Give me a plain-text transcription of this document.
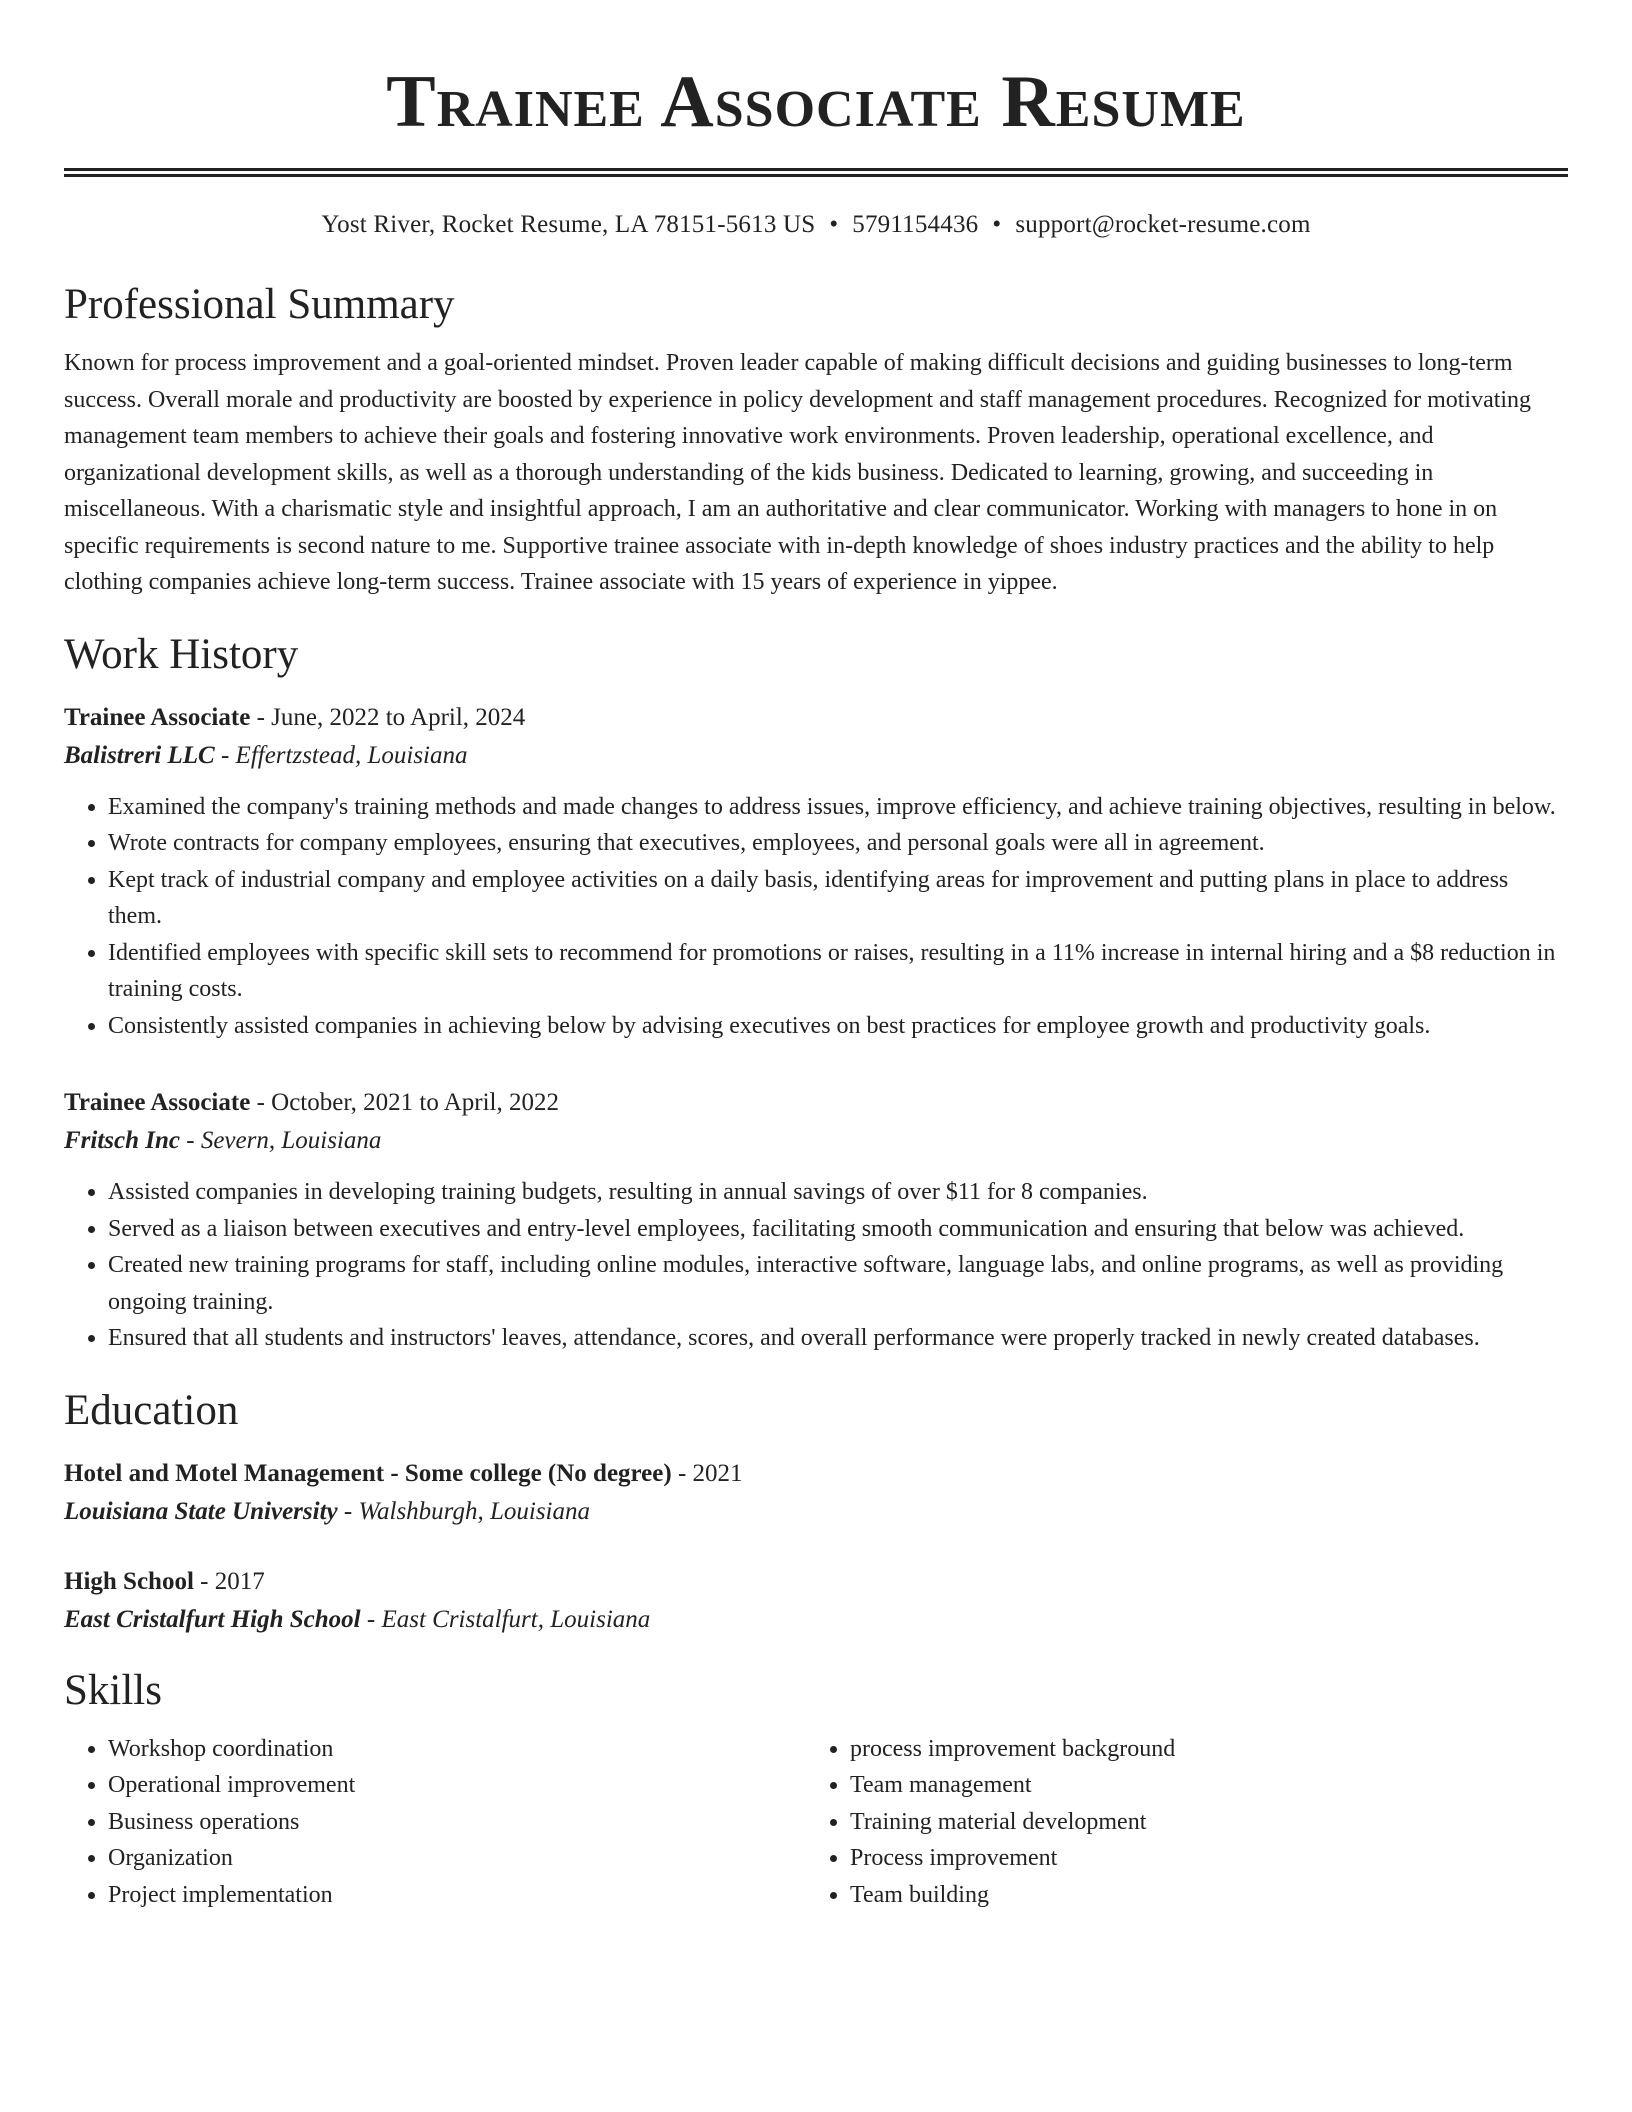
Trainee Associate Resume
Yost River, Rocket Resume, LA 78151-5613 US • 5791154436 • support@rocket-resume.com
Professional Summary

Known for process improvement and a goal-oriented mindset. Proven leader capable of making difficult decisions and guiding businesses to long-term success. Overall morale and productivity are boosted by experience in policy development and staff management procedures. Recognized for motivating management team members to achieve their goals and fostering innovative work environments. Proven leadership, operational excellence, and organizational development skills, as well as a thorough understanding of the kids business. Dedicated to learning, growing, and succeeding in miscellaneous. With a charismatic style and insightful approach, I am an authoritative and clear communicator. Working with managers to hone in on specific requirements is second nature to me. Supportive trainee associate with in-depth knowledge of shoes industry practices and the ability to help clothing companies achieve long-term success. Trainee associate with 15 years of experience in yippee.

Work History
Trainee Associate - June, 2022 to April, 2024
Balistreri LLC - Effertzstead, Louisiana
• Examined the company's training methods and made changes to address issues, improve efficiency, and achieve training objectives, resulting in below.
• Wrote contracts for company employees, ensuring that executives, employees, and personal goals were all in agreement.
• Kept track of industrial company and employee activities on a daily basis, identifying areas for improvement and putting plans in place to address them.
• Identified employees with specific skill sets to recommend for promotions or raises, resulting in a 11% increase in internal hiring and a $8 reduction in training costs.
• Consistently assisted companies in achieving below by advising executives on best practices for employee growth and productivity goals.
Trainee Associate - October, 2021 to April, 2022
Fritsch Inc - Severn, Louisiana
• Assisted companies in developing training budgets, resulting in annual savings of over $11 for 8 companies.
• Served as a liaison between executives and entry-level employees, facilitating smooth communication and ensuring that below was achieved.
• Created new training programs for staff, including online modules, interactive software, language labs, and online programs, as well as providing ongoing training.
• Ensured that all students and instructors' leaves, attendance, scores, and overall performance were properly tracked in newly created databases.
Education
Hotel and Motel Management - Some college (No degree) - 2021
Louisiana State University - Walshburgh, Louisiana
High School - 2017
East Cristalfurt High School - East Cristalfurt, Louisiana
Skills
• Workshop coordination
• Operational improvement
• Business operations
• Organization
• Project implementation
• process improvement background
• Team management
• Training material development
• Process improvement
• Team building
